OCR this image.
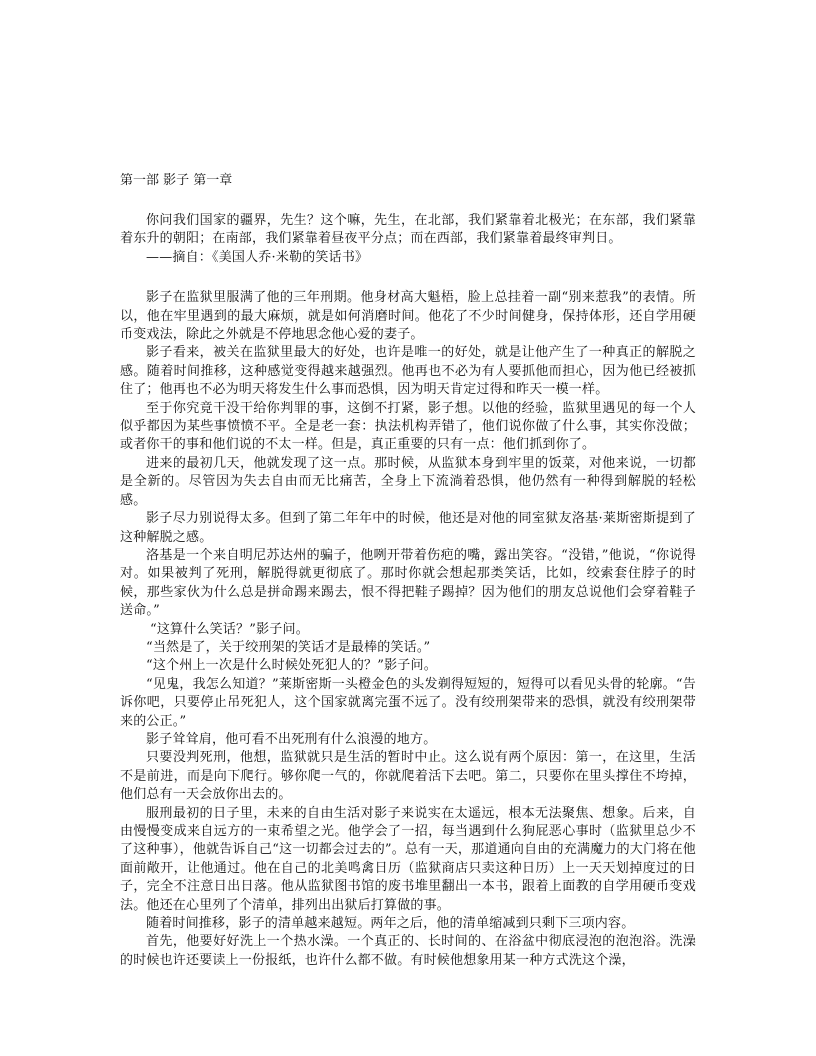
第一部 影子 第一章

你问我们国家的疆界，先生？这个嘛，先生，在北部，我们紧靠着北极光；在东部，我们紧靠着东升的朝阳；在南部，我们紧靠着昼夜平分点；而在西部，我们紧靠着最终审判日。

——摘自：《美国人乔·米勒的笑话书》

影子在监狱里服满了他的三年刑期。他身材高大魁梧，脸上总挂着一副“别来惹我”的表情。所以，他在牢里遇到的最大麻烦，就是如何消磨时间。他花了不少时间健身，保持体形，还自学用硬币变戏法，除此之外就是不停地思念他心爱的妻子。

影子看来，被关在监狱里最大的好处，也许是唯一的好处，就是让他产生了一种真正的解脱之感。随着时间推移，这种感觉变得越来越强烈。他再也不必为有人要抓他而担心，因为他已经被抓住了；他再也不必为明天将发生什么事而恐惧，因为明天肯定过得和昨天一模一样。

至于你究竟干没干给你判罪的事，这倒不打紧，影子想。以他的经验，监狱里遇见的每一个人似乎都因为某些事愤愤不平。全是老一套：执法机构弄错了，他们说你做了什么事，其实你没做；或者你干的事和他们说的不太一样。但是，真正重要的只有一点：他们抓到你了。

进来的最初几天，他就发现了这一点。那时候，从监狱本身到牢里的饭菜，对他来说，一切都是全新的。尽管因为失去自由而无比痛苦，全身上下流淌着恐惧，他仍然有一种得到解脱的轻松感。

影子尽力别说得太多。但到了第二年年中的时候，他还是对他的同室狱友洛基·莱斯密斯提到了这种解脱之感。

洛基是一个来自明尼苏达州的骗子，他咧开带着伤疤的嘴，露出笑容。“没错，”他说，“你说得对。如果被判了死刑，解脱得就更彻底了。那时你就会想起那类笑话，比如，绞索套住脖子的时候，那些家伙为什么总是拼命踢来踢去，恨不得把鞋子踢掉？因为他们的朋友总说他们会穿着鞋子送命。”

“这算什么笑话？”影子问。

“当然是了，关于绞刑架的笑话才是最棒的笑话。”

“这个州上一次是什么时候处死犯人的？”影子问。

“见鬼，我怎么知道？”莱斯密斯一头橙金色的头发剃得短短的，短得可以看见头骨的轮廓。“告诉你吧，只要停止吊死犯人，这个国家就离完蛋不远了。没有绞刑架带来的恐惧，就没有绞刑架带来的公正。”

影子耸耸肩，他可看不出死刑有什么浪漫的地方。

只要没判死刑，他想，监狱就只是生活的暂时中止。这么说有两个原因：第一，在这里，生活不是前进，而是向下爬行。够你爬一气的，你就爬着活下去吧。第二，只要你在里头撑住不垮掉，他们总有一天会放你出去的。

服刑最初的日子里，未来的自由生活对影子来说实在太遥远，根本无法聚焦、想象。后来，自由慢慢变成来自远方的一束希望之光。他学会了一招，每当遇到什么狗屁恶心事时（监狱里总少不了这种事），他就告诉自己“这一切都会过去的”。总有一天，那道通向自由的充满魔力的大门将在他面前敞开，让他通过。他在自己的北美鸣禽日历（监狱商店只卖这种日历）上一天天划掉度过的日子，完全不注意日出日落。他从监狱图书馆的废书堆里翻出一本书，跟着上面教的自学用硬币变戏法。他还在心里列了个清单，排列出出狱后打算做的事。

随着时间推移，影子的清单越来越短。两年之后，他的清单缩减到只剩下三项内容。

首先，他要好好洗上一个热水澡。一个真正的、长时间的、在浴盆中彻底浸泡的泡泡浴。洗澡的时候也许还要读上一份报纸，也许什么都不做。有时候他想象用某一种方式洗这个澡，
